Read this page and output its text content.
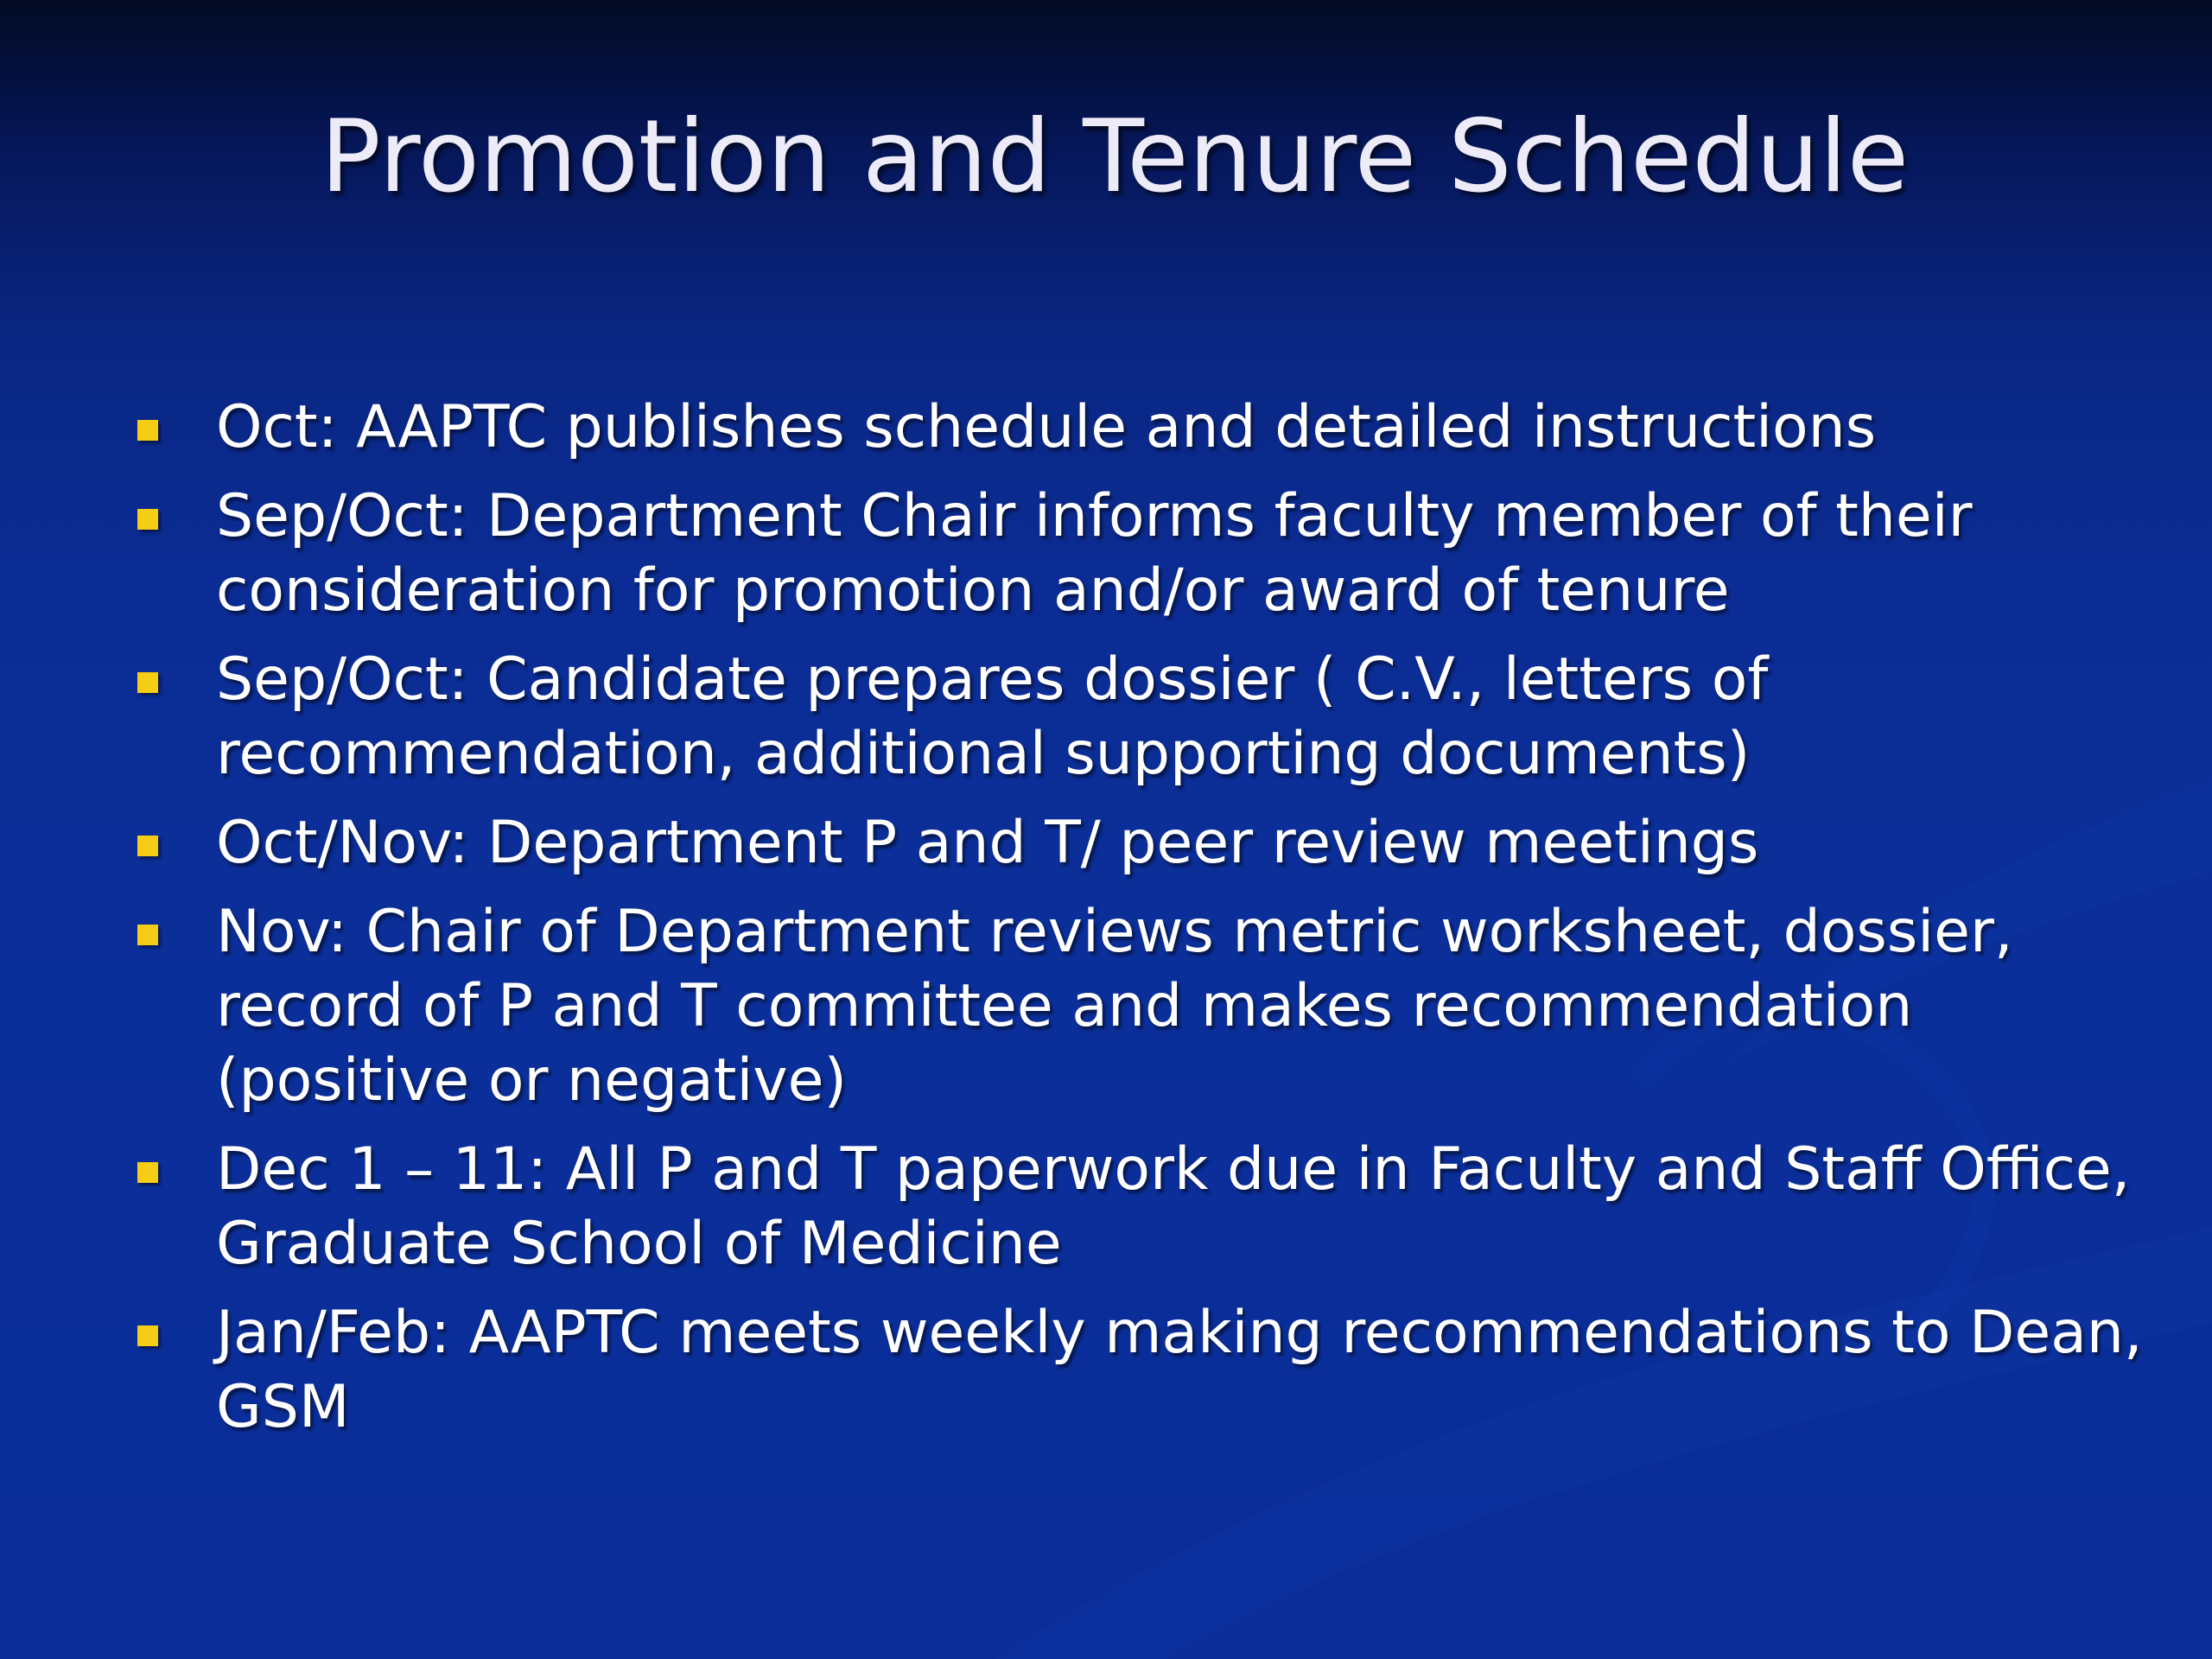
Promotion and Tenure Schedule
Oct: AAPTC publishes schedule and detailed instructions
Sep/Oct: Department Chair informs faculty member of their consideration for promotion and/or award of tenure
Sep/Oct: Candidate prepares dossier ( C.V., letters of recommendation, additional supporting documents)
Oct/Nov: Department P and T/ peer review meetings
Nov: Chair of Department reviews metric worksheet, dossier, record of P and T committee and makes recommendation (positive or negative)
Dec 1 – 11: All P and T paperwork due in Faculty and Staff Office, Graduate School of Medicine
Jan/Feb: AAPTC meets weekly making recommendations to Dean, GSM
